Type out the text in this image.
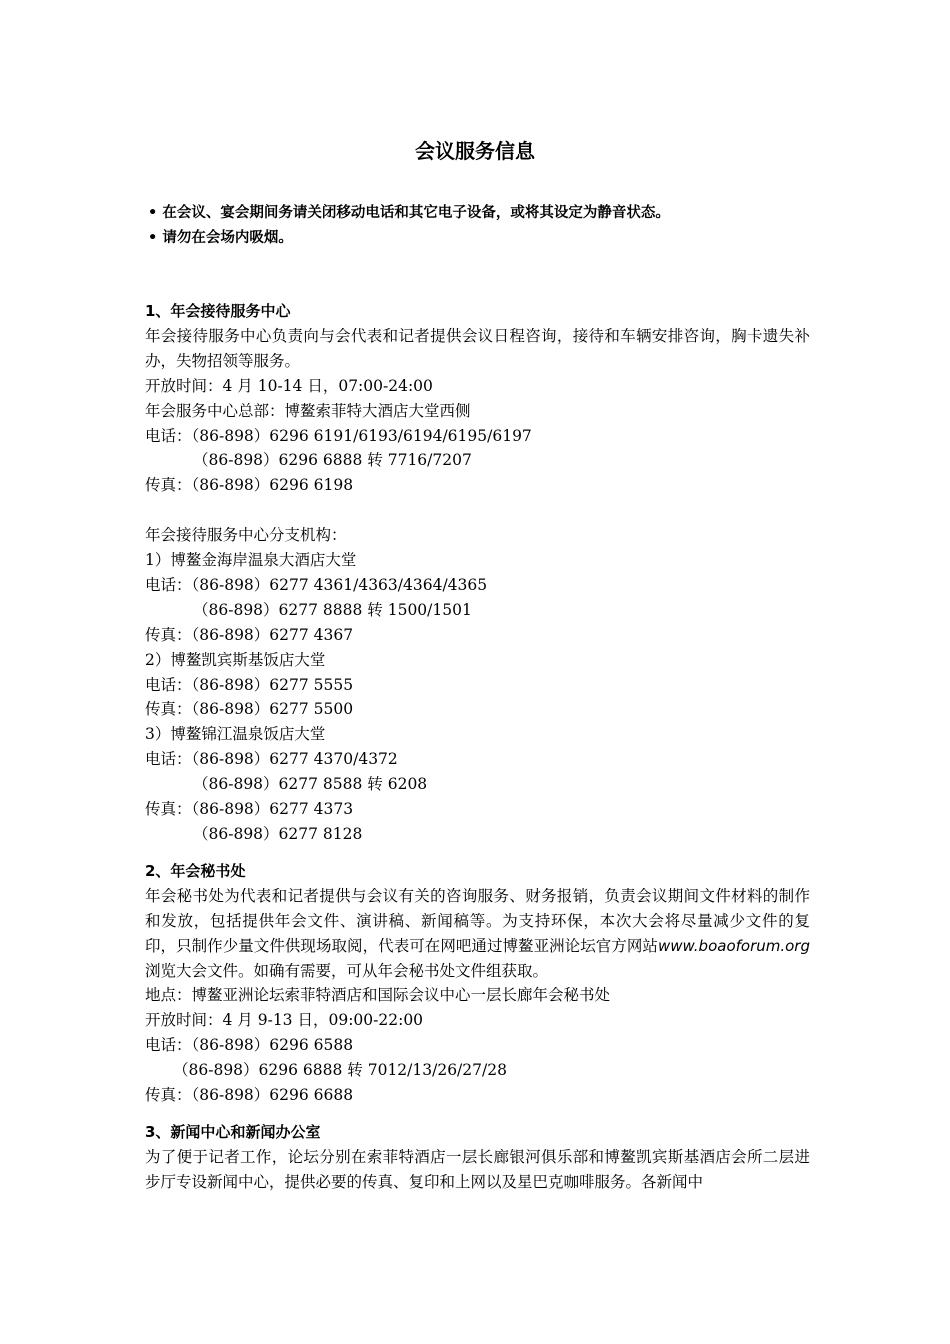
会议服务信息
• 在会议、宴会期间务请关闭移动电话和其它电子设备，或将其设定为静音状态。
• 请勿在会场内吸烟。
1、年会接待服务中心
年会接待服务中心负责向与会代表和记者提供会议日程咨询，接待和车辆安排咨询，胸卡遗失补办，失物招领等服务。
开放时间：4 月 10-14 日，07:00-24:00
年会服务中心总部：博鳌索菲特大酒店大堂西侧
电话：（86-898）6296 6191/6193/6194/6195/6197
（86-898）6296 6888 转 7716/7207
传真：（86-898）6296 6198
年会接待服务中心分支机构：
1）博鳌金海岸温泉大酒店大堂
电话：（86-898）6277 4361/4363/4364/4365
（86-898）6277 8888 转 1500/1501
传真：（86-898）6277 4367
2）博鳌凯宾斯基饭店大堂
电话：（86-898）6277 5555
传真：（86-898）6277 5500
3）博鳌锦江温泉饭店大堂
电话：（86-898）6277 4370/4372
（86-898）6277 8588 转 6208
传真：（86-898）6277 4373
（86-898）6277 8128
2、年会秘书处
年会秘书处为代表和记者提供与会议有关的咨询服务、财务报销，负责会议期间文件材料的制作和发放，包括提供年会文件、演讲稿、新闻稿等。为支持环保，本次大会将尽量减少文件的复印，只制作少量文件供现场取阅，代表可在网吧通过博鳌亚洲论坛官方网站www.boaoforum.org浏览大会文件。如确有需要，可从年会秘书处文件组获取。
地点：博鳌亚洲论坛索菲特酒店和国际会议中心一层长廊年会秘书处
开放时间：4 月 9-13 日，09:00-22:00
电话：（86-898）6296 6588
（86-898）6296 6888 转 7012/13/26/27/28
传真：（86-898）6296 6688
3、新闻中心和新闻办公室
为了便于记者工作，论坛分别在索菲特酒店一层长廊银河俱乐部和博鳌凯宾斯基酒店会所二层进步厅专设新闻中心，提供必要的传真、复印和上网以及星巴克咖啡服务。各新闻中
